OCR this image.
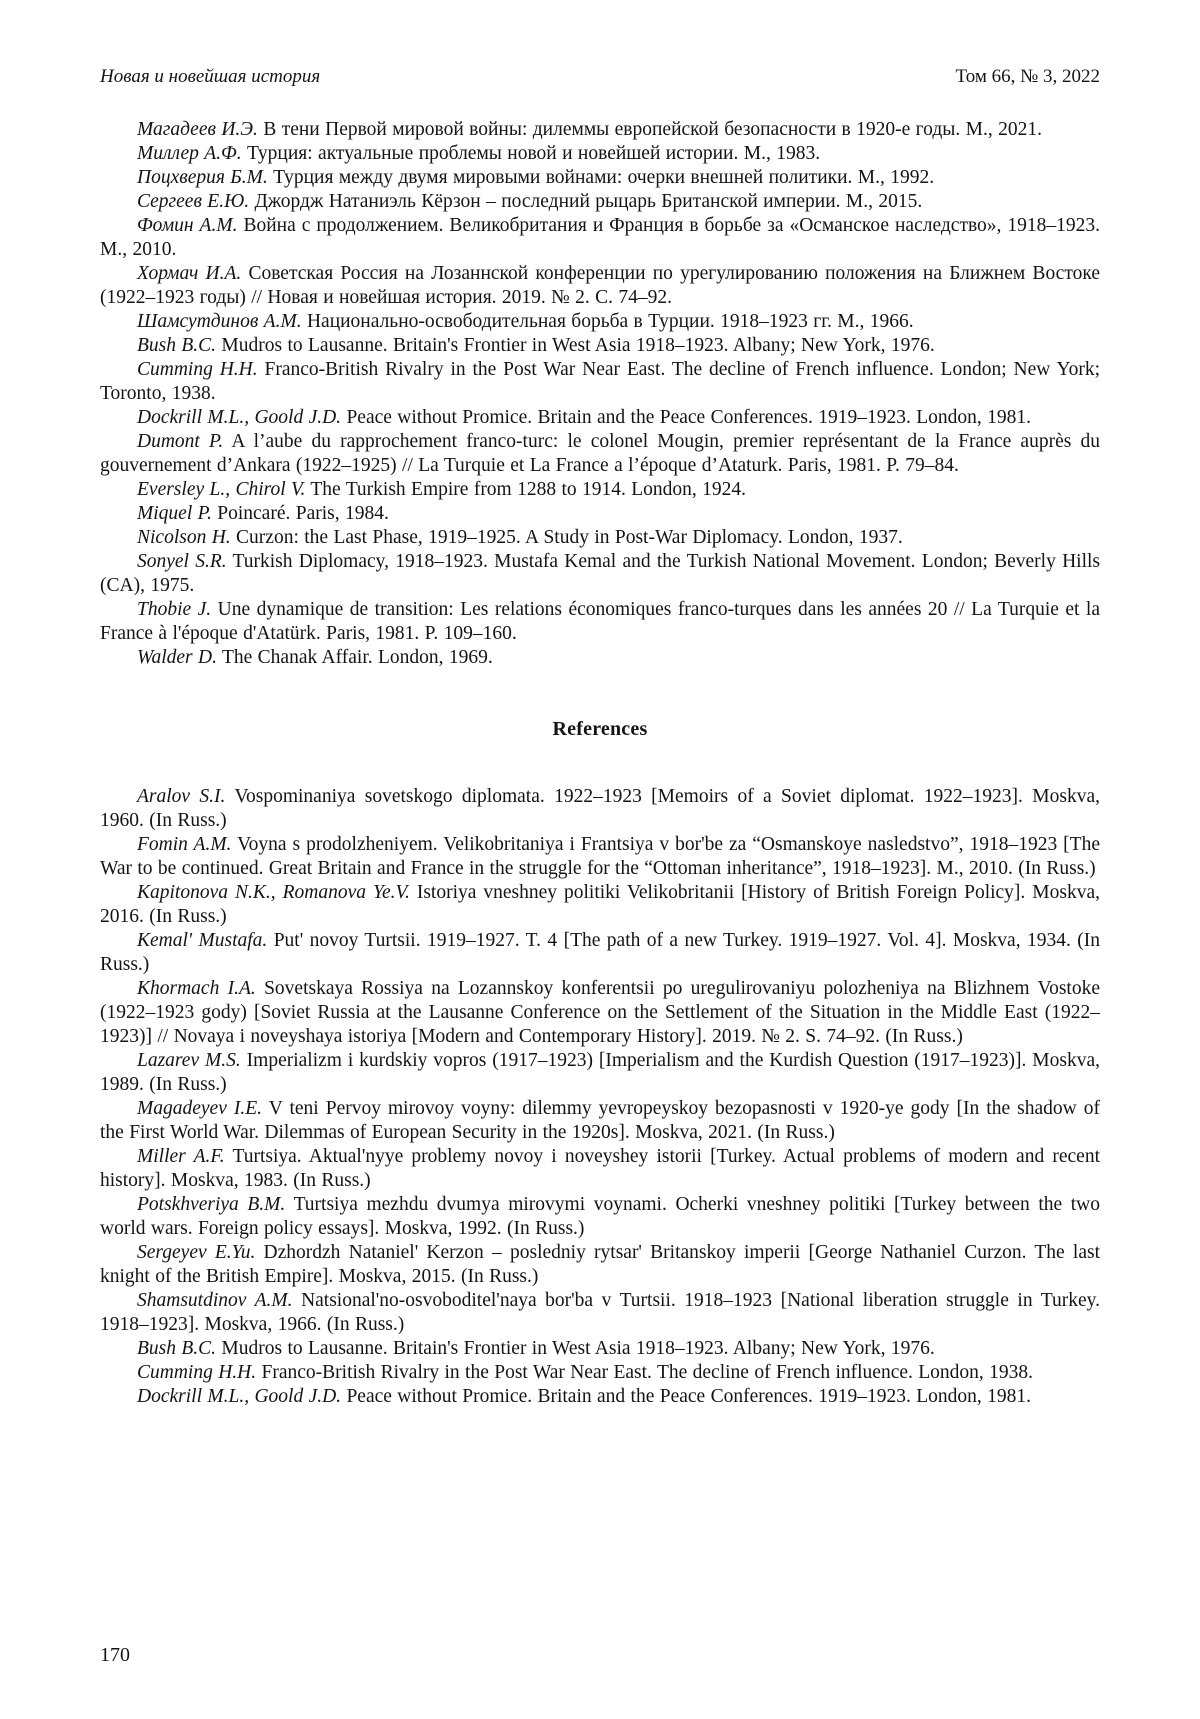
Новая и новейшая история	Том 66, № 3, 2022

Магадеев И.Э. В тени Первой мировой войны: дилеммы европейской безопасности в 1920-е годы. М., 2021.

Миллер А.Ф. Турция: актуальные проблемы новой и новейшей истории. М., 1983.

Поцхверия Б.М. Турция между двумя мировыми войнами: очерки внешней политики. М., 1992.

Сергеев Е.Ю. Джордж Натаниэль Кёрзон – последний рыцарь Британской империи. М., 2015.

Фомин А.М. Война с продолжением. Великобритания и Франция в борьбе за «Османское наследство», 1918–1923. М., 2010.

Хормач И.А. Советская Россия на Лозаннской конференции по урегулированию положения на Ближнем Востоке (1922–1923 годы) // Новая и новейшая история. 2019. № 2. С. 74–92.

Шамсутдинов А.М. Национально-освободительная борьба в Турции. 1918–1923 гг. М., 1966.

Bush B.C. Mudros to Lausanne. Britain's Frontier in West Asia 1918–1923. Albany; New York, 1976.

Cumming H.H. Franco-British Rivalry in the Post War Near East. The decline of French influence. London; New York; Toronto, 1938.

Dockrill M.L., Goold J.D. Peace without Promice. Britain and the Peace Conferences. 1919–1923. London, 1981.

Dumont P. A l’aube du rapprochement franco-turc: le colonel Mougin, premier représentant de la France auprès du gouvernement d’Ankara (1922–1925) // La Turquie et La France a l’époque d’Ataturk. Paris, 1981. P. 79–84.

Eversley L., Chirol V. The Turkish Empire from 1288 to 1914. London, 1924.

Miquel P. Poincaré. Paris, 1984.

Nicolson H. Curzon: the Last Phase, 1919–1925. A Study in Post-War Diplomacy. London, 1937.

Sonyel S.R. Turkish Diplomacy, 1918–1923. Mustafa Kemal and the Turkish National Movement. London; Beverly Hills (CA), 1975.

Thobie J. Une dynamique de transition: Les relations économiques franco-turques dans les années 20 // La Turquie et la France à l'époque d'Atatürk. Paris, 1981. P. 109–160.

Walder D. The Chanak Affair. London, 1969.

References

Aralov S.I. Vospominaniya sovetskogo diplomata. 1922–1923 [Memoirs of a Soviet diplomat. 1922–1923]. Moskva, 1960. (In Russ.)

Fomin A.M. Voyna s prodolzheniyem. Velikobritaniya i Frantsiya v bor'be za “Osmanskoye nasledstvo”, 1918–1923 [The War to be continued. Great Britain and France in the struggle for the “Ottoman inheritance”, 1918–1923]. M., 2010. (In Russ.)

Kapitonova N.K., Romanova Ye.V. Istoriya vneshney politiki Velikobritanii [History of British Foreign Policy]. Moskva, 2016. (In Russ.)

Kemal' Mustafa. Put' novoy Turtsii. 1919–1927. T. 4 [The path of a new Turkey. 1919–1927. Vol. 4]. Moskva, 1934. (In Russ.)

Khormach I.A. Sovetskaya Rossiya na Lozannskoy konferentsii po uregulirovaniyu polozheniya na Blizhnem Vostoke (1922–1923 gody) [Soviet Russia at the Lausanne Conference on the Settlement of the Situation in the Middle East (1922–1923)] // Novaya i noveyshaya istoriya [Modern and Contemporary History]. 2019. № 2. S. 74–92. (In Russ.)

Lazarev M.S. Imperializm i kurdskiy vopros (1917–1923) [Imperialism and the Kurdish Question (1917–1923)]. Moskva, 1989. (In Russ.)

Magadeyev I.E. V teni Pervoy mirovoy voyny: dilemmy yevropeyskoy bezopasnosti v 1920-ye gody [In the shadow of the First World War. Dilemmas of European Security in the 1920s]. Moskva, 2021. (In Russ.)

Miller A.F. Turtsiya. Aktual'nyye problemy novoy i noveyshey istorii [Turkey. Actual problems of modern and recent history]. Moskva, 1983. (In Russ.)

Potskhveriya B.M. Turtsiya mezhdu dvumya mirovymi voynami. Ocherki vneshney politiki [Turkey between the two world wars. Foreign policy essays]. Moskva, 1992. (In Russ.)

Sergeyev E.Yu. Dzhordzh Nataniel' Kerzon – posledniy rytsar' Britanskoy imperii [George Nathaniel Curzon. The last knight of the British Empire]. Moskva, 2015. (In Russ.)

Shamsutdinov A.M. Natsional'no-osvoboditel'naya bor'ba v Turtsii. 1918–1923 [National liberation struggle in Turkey. 1918–1923]. Moskva, 1966. (In Russ.)

Bush B.C. Mudros to Lausanne. Britain's Frontier in West Asia 1918–1923. Albany; New York, 1976.

Cumming H.H. Franco-British Rivalry in the Post War Near East. The decline of French influence. London, 1938.

Dockrill M.L., Goold J.D. Peace without Promice. Britain and the Peace Conferences. 1919–1923. London, 1981.

170
